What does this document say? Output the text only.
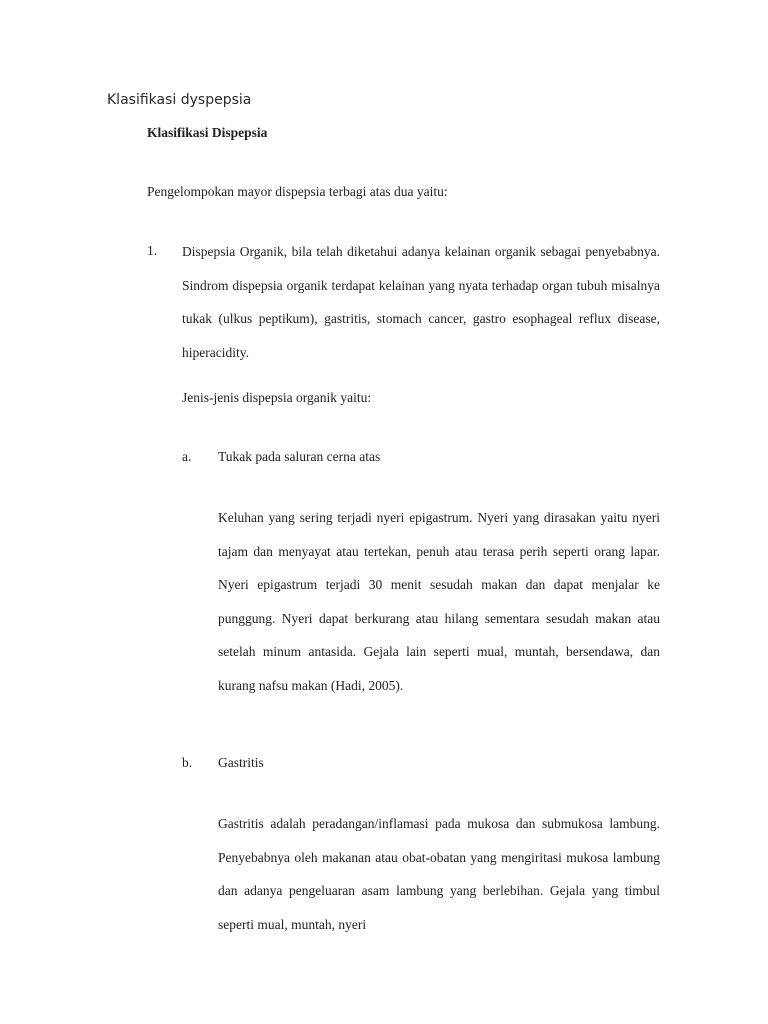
Klasifikasi dyspepsia
Klasifikasi Dispepsia
Pengelompokan mayor dispepsia terbagi atas dua yaitu:
1. Dispepsia Organik, bila telah diketahui adanya kelainan organik sebagai penyebabnya. Sindrom dispepsia organik terdapat kelainan yang nyata terhadap organ tubuh misalnya tukak (ulkus peptikum), gastritis, stomach cancer, gastro esophageal reflux disease, hiperacidity.
Jenis-jenis dispepsia organik yaitu:
a. Tukak pada saluran cerna atas
Keluhan yang sering terjadi nyeri epigastrum. Nyeri yang dirasakan yaitu nyeri tajam dan menyayat atau tertekan, penuh atau terasa perih seperti orang lapar. Nyeri epigastrum terjadi 30 menit sesudah makan dan dapat menjalar ke punggung. Nyeri dapat berkurang atau hilang sementara sesudah makan atau setelah minum antasida. Gejala lain seperti mual, muntah, bersendawa, dan kurang nafsu makan (Hadi, 2005).
b. Gastritis
Gastritis adalah peradangan/inflamasi pada mukosa dan submukosa lambung. Penyebabnya oleh makanan atau obat-obatan yang mengiritasi mukosa lambung dan adanya pengeluaran asam lambung yang berlebihan. Gejala yang timbul seperti mual, muntah, nyeri
